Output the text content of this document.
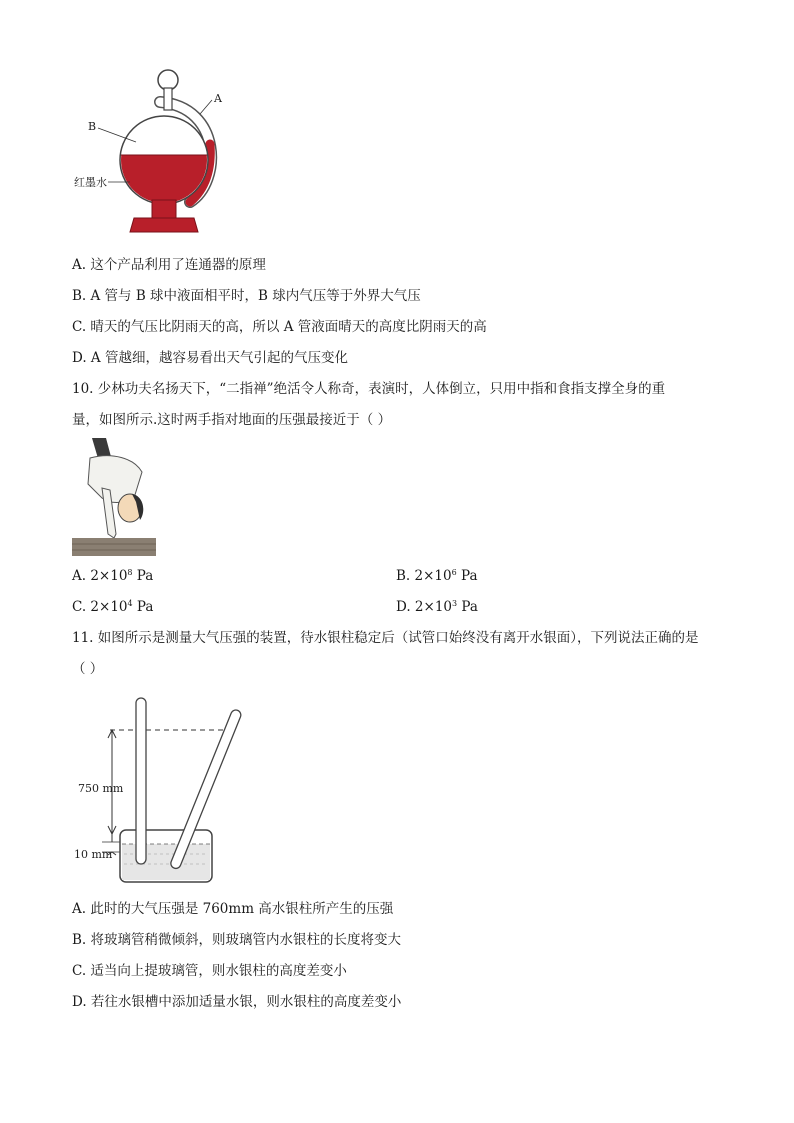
B
A
红墨水
A. 这个产品利用了连通器的原理
B. A 管与 B 球中液面相平时，B 球内气压等于外界大气压
C. 晴天的气压比阴雨天的高，所以 A 管液面晴天的高度比阴雨天的高
D. A 管越细，越容易看出天气引起的气压变化
10. 少林功夫名扬天下，“二指禅”绝活令人称奇，表演时，人体倒立，只用中指和食指支撑全身的重
量，如图所示.这时两手指对地面的压强最接近于（ ）
A. $2\times 10^8$ Pa	B. $2\times 10^6$ Pa
C. $2\times 10^4$ Pa	D. $2\times 10^3$ Pa
11. 如图所示是测量大气压强的装置，待水银柱稳定后（试管口始终没有离开水银面），下列说法正确的是
（ ）
750 mm
10 mm
A. 此时的大气压强是 760mm 高水银柱所产生的压强
B. 将玻璃管稍微倾斜，则玻璃管内水银柱的长度将变大
C. 适当向上提玻璃管，则水银柱的高度差变小
D. 若往水银槽中添加适量水银，则水银柱的高度差变小
